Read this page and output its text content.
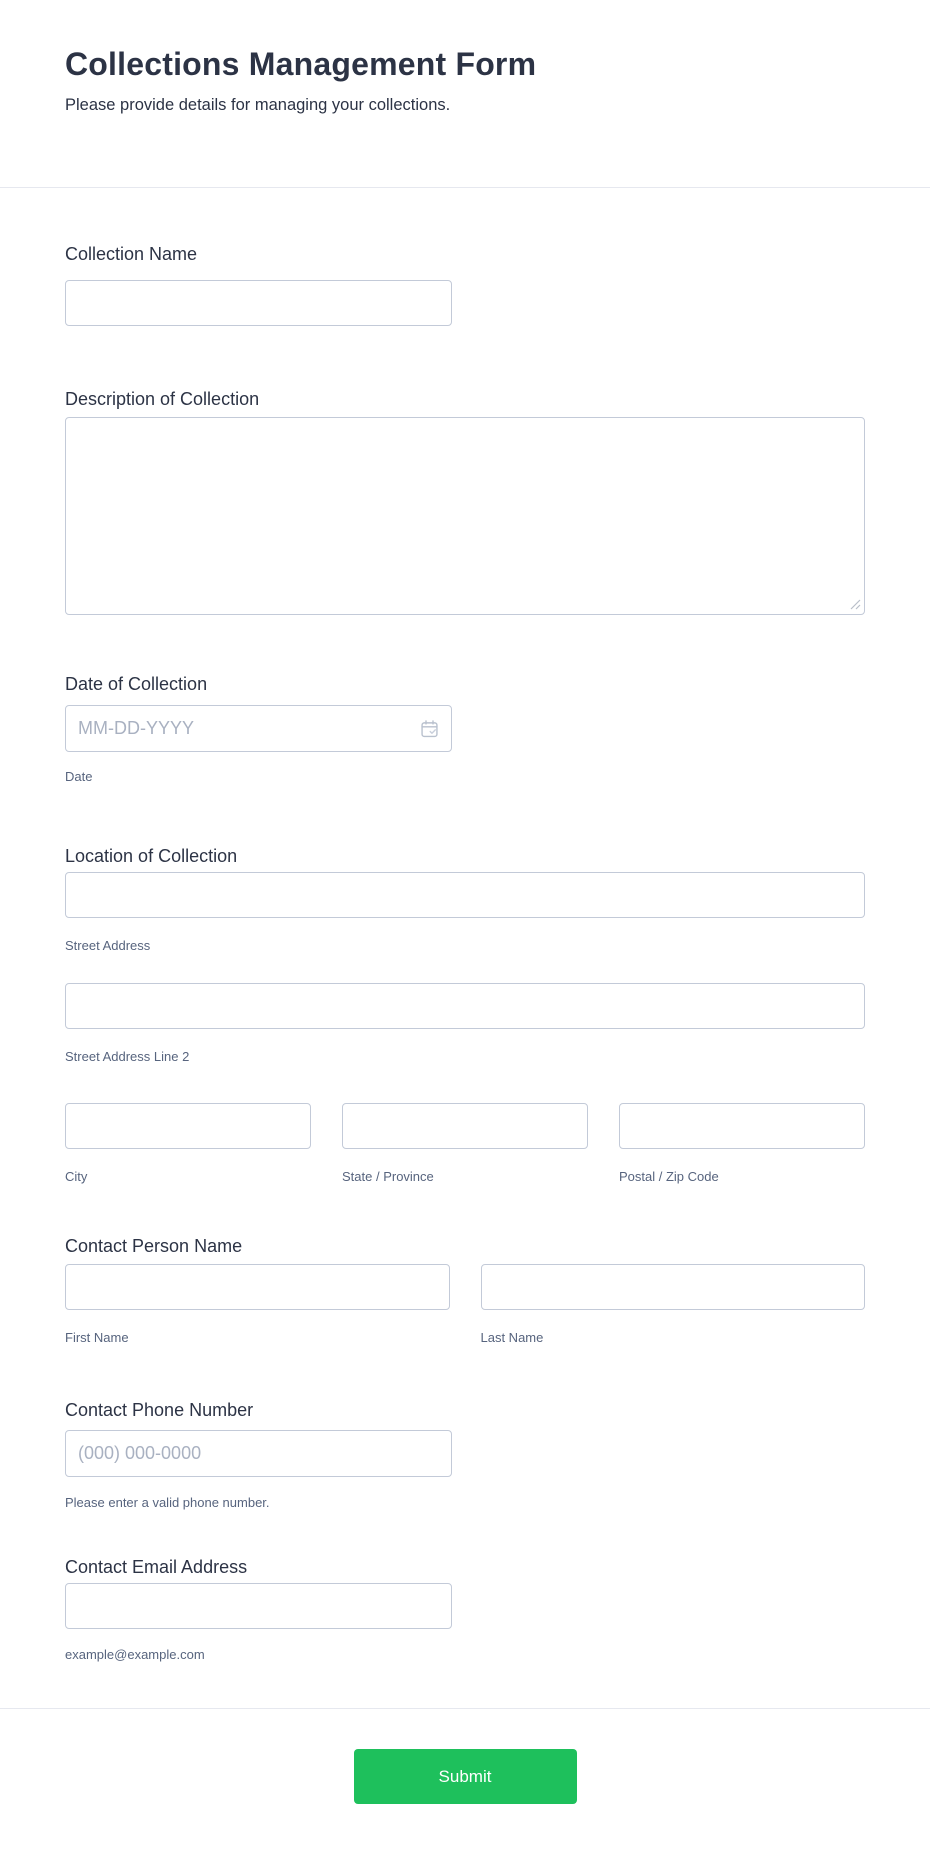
Collections Management Form
Please provide details for managing your collections.
Collection Name
Description of Collection
Date of Collection
MM-DD-YYYY
Date
Location of Collection
Street Address
Street Address Line 2
City	State / Province	Postal / Zip Code
Contact Person Name
First Name	Last Name
Contact Phone Number
(000) 000-0000
Please enter a valid phone number.
Contact Email Address
example@example.com
Submit
